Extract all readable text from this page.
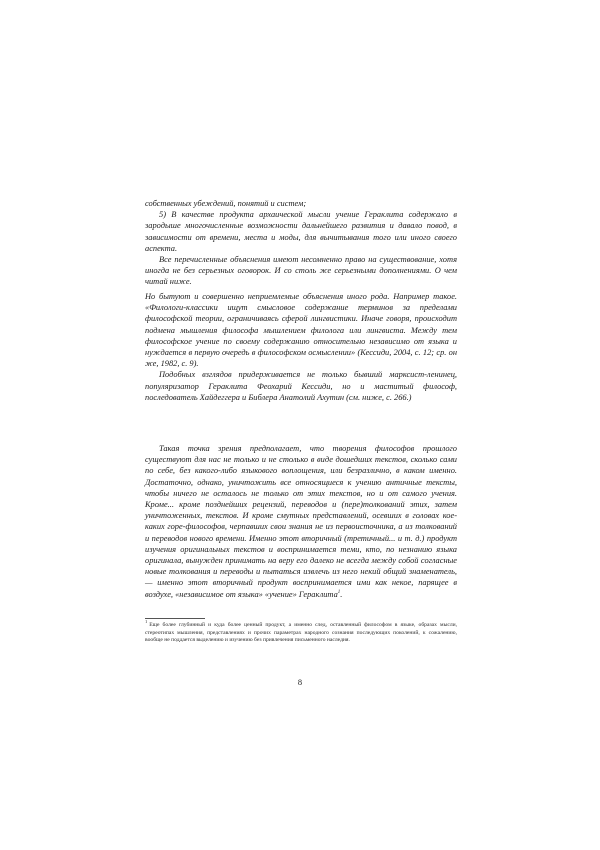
собственных убеждений, понятий и систем;

5) В качестве продукта архаической мысли учение Гераклита содержало в зародыше многочисленные возможности дальнейшего развития и давало повод, в зависимости от времени, места и моды, для вычитывания того или иного своего аспекта.

Все перечисленные объяснения имеют несомненно право на существование, хотя иногда не без серьезных оговорок. И со столь же серьезными дополнениями. О чем читай ниже.

Но бытуют и совершенно неприемлемые объяснения иного рода. Например такое. «Филологи-классики ищут смысловое содержание терминов за пределами философской теории, ограничиваясь сферой лингвистики. Иначе говоря, происходит подмена мышления философа мышлением филолога или лингвиста. Между тем философское учение по своему содержанию относительно независимо от языка и нуждается в первую очередь в философском осмыслении» (Кессиди, 2004, с. 12; ср. он же, 1982, с. 9).

Подобных взглядов придерживается не только бывший марксист-ленинец, популяризатор Гераклита Феохарий Кессиди, но и маститый философ, последователь Хайдеггера и Библера Анатолий Ахутин (см. ниже, с. 266.)

Такая точка зрения предполагает, что творения философов прошлого существуют для нас не только и не столько в виде дошедших текстов, сколько сами по себе, без какого-либо языкового воплощения, или безразлично, в каком именно. Достаточно, однако, уничтожить все относящиеся к учению античные тексты, чтобы ничего не осталось не только от этих текстов, но и от самого учения. Кроме... кроме позднейших рецензий, переводов и (пере)толкований этих, затем уничтоженных, текстов. И кроме смутных представлений, осевших в головах кое-каких горе-философов, черпавших свои знания не из первоисточника, а из толкований и переводов нового времени. Именно этот вторичный (третичный... и т. д.) продукт изучения оригинальных текстов и воспринимается теми, кто, по незнанию языка оригинала, вынужден принимать на веру его далеко не всегда между собой согласные новые толкования и переводы и пытаться извлечь из него некий общий знаменатель, — именно этот вторичный продукт воспринимается ими как некое, парящее в воздухе, «независимое от языка» «учение» Гераклита$^1$.

$^1$Еще более глубинный и куда более ценный продукт, а именно след, оставленный философом в языке, образах мысли, стереотипах мышления, представлениях и прочих параметрах народного сознания последующих поколений, к сожалению, вообще не поддается выделению и изучению без привлечения письменного наследия.
8
